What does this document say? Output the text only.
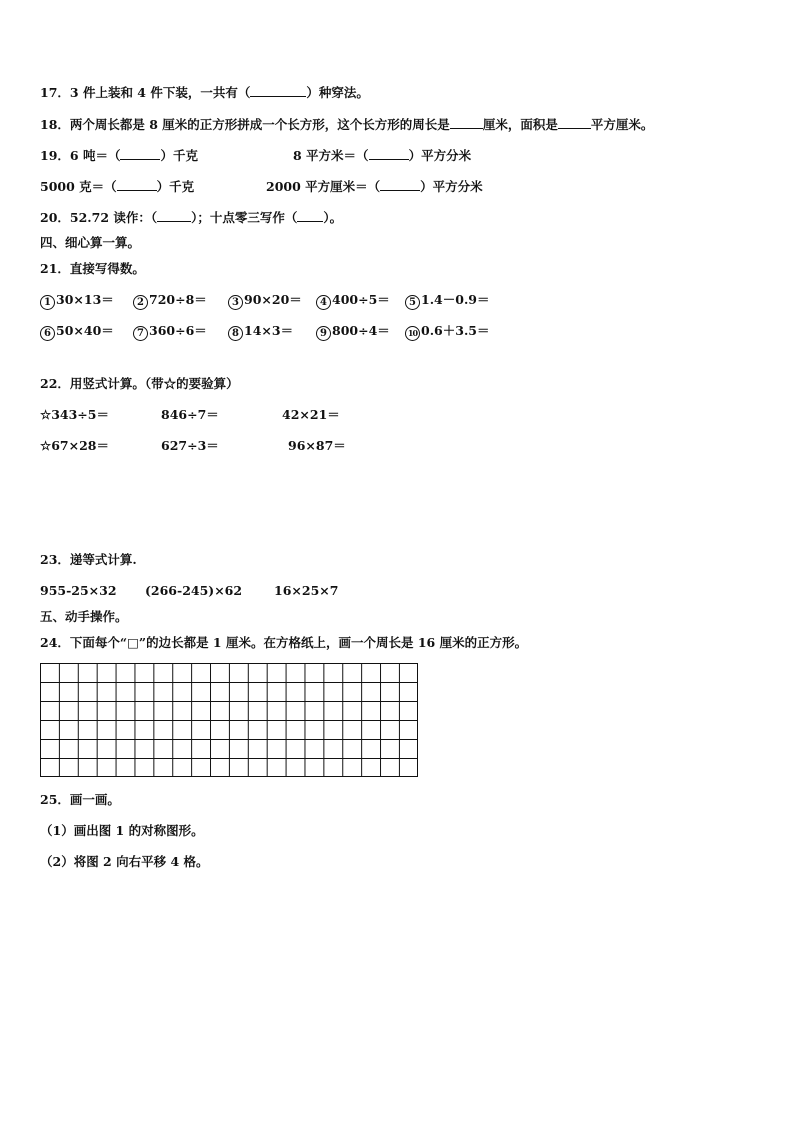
17．3 件上装和 4 件下装，一共有（	）种穿法。
18．两个周长都是 8 厘米的正方形拼成一个长方形，这个长方形的周长是	厘米，面积是	平方厘米。
19．6 吨＝（	）千克	8 平方米＝（	）平方分米
5000 克＝（	）千克	2000 平方厘米＝（	）平方分米
20．52.72 读作：（	）；十点零三写作（ ）。
四、细心算一算。
21．直接写得数。
1 30×13＝	2 720÷8＝	3 90×20＝	4 400÷5＝	5 1.4－0.9＝
6 50×40＝	7 360÷6＝	8 14×3＝	9 800÷4＝	10 0.6＋3.5＝
22．用竖式计算。（带☆的要验算）
☆343÷5＝	846÷7＝	42×21＝
☆67×28＝	627÷3＝	96×87＝
23．递等式计算.
955-25×32 (266-245)×62	16×25×7
五、动手操作。
24．下面每个“□”的边长都是 1 厘米。在方格纸上，画一个周长是 16 厘米的正方形。
25．画一画。
（1）画出图 1 的对称图形。
（2）将图 2 向右平移 4 格。
